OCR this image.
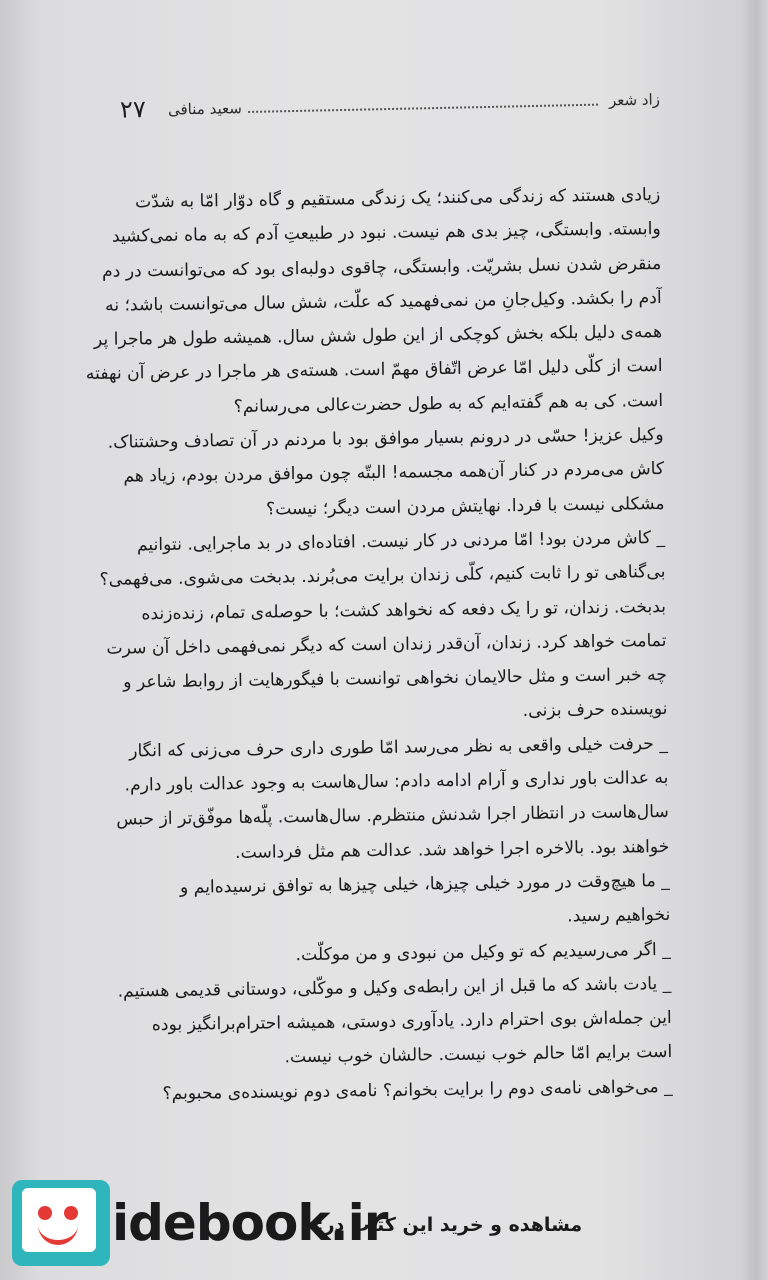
۲۷ سعید منافی	زاد شعر
زیادی هستند که زندگی می‌کنند؛ یک زندگی مستقیم و گاه دوّار امّا به شدّت
وابسته. وابستگی، چیز بدی هم نیست. نبود در طبیعتِ آدم که به ماه نمی‌کشید
منقرض شدن نسل بشریّت. وابستگی، چاقوی دولبه‌ای بود که می‌توانست در دم
آدم را بکشد. وکیل‌جانِ من نمی‌فهمید که علّت، شش سال می‌توانست باشد؛ نه
همه‌ی دلیل بلکه بخش کوچکی از این طول شش سال. همیشه طول هر ماجرا پر
است از کلّی دلیل امّا عرض اتّفاق مهمّ است. هسته‌ی هر ماجرا در عرض آن نهفته
است. کی به هم گفته‌ایم که به طول حضرت‌عالی می‌رسانم؟
وکیل عزیز! حسّی در درونم بسیار موافق بود با مردنم در آن تصادف وحشتناک.
کاش می‌مردم در کنار آن‌همه مجسمه! البتّه چون موافق مردن بودم، زیاد هم
مشکلی نیست با فردا. نهایتش مردن است دیگر؛ نیست؟
_ کاش مردن بود! امّا مردنی در کار نیست. افتاده‌ای در بد ماجرایی. نتوانیم
بی‌گناهی تو را ثابت کنیم، کلّی زندان برایت می‌بُرند. بدبخت می‌شوی. می‌فهمی؟
بدبخت. زندان، تو را یک دفعه که نخواهد کشت؛ با حوصله‌ی تمام، زنده‌زنده
تمامت خواهد کرد. زندان، آن‌قدر زندان است که دیگر نمی‌فهمی داخل آن سرت
چه خبر است و مثل حالایمان نخواهی توانست با فیگورهایت از روابط شاعر و
نویسنده حرف بزنی.
_ حرفت خیلی واقعی به نظر می‌رسد امّا طوری داری حرف می‌زنی که انگار
به عدالت باور نداری و آرام ادامه دادم: سال‌هاست به وجود عدالت باور دارم.
سال‌هاست در انتظار اجرا شدنش منتظرم. سال‌هاست. پلّه‌ها موفّق‌تر از حبس
خواهند بود. بالاخره اجرا خواهد شد. عدالت هم مثل فرداست.
_ ما هیچ‌وقت در مورد خیلی چیزها، خیلی چیزها به توافق نرسیده‌ایم و
نخواهیم رسید.
_ اگر می‌رسیدیم که تو وکیل من نبودی و من موکلّت.
_ یادت باشد که ما قبل از این رابطه‌ی وکیل و موکّلی، دوستانی قدیمی هستیم.
این جمله‌اش بوی احترام دارد. یادآوری دوستی، همیشه احترام‌برانگیز بوده
است برایم امّا حالم خوب نیست. حالشان خوب نیست.
_ می‌خواهی نامه‌ی دوم را برایت بخوانم؟ نامه‌ی دوم نویسنده‌ی محبوبم؟
idebook.ir
مشاهده و خرید این کتاب در:
